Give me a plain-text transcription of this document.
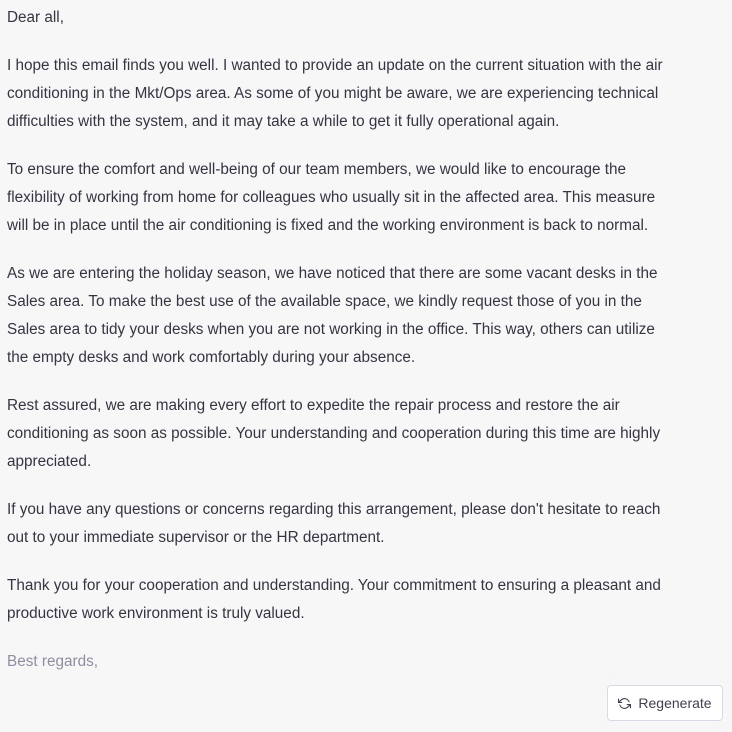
Dear all,

I hope this email finds you well. I wanted to provide an update on the current situation with the air conditioning in the Mkt/Ops area. As some of you might be aware, we are experiencing technical difficulties with the system, and it may take a while to get it fully operational again.

To ensure the comfort and well-being of our team members, we would like to encourage the flexibility of working from home for colleagues who usually sit in the affected area. This measure will be in place until the air conditioning is fixed and the working environment is back to normal.

As we are entering the holiday season, we have noticed that there are some vacant desks in the Sales area. To make the best use of the available space, we kindly request those of you in the Sales area to tidy your desks when you are not working in the office. This way, others can utilize the empty desks and work comfortably during your absence.

Rest assured, we are making every effort to expedite the repair process and restore the air conditioning as soon as possible. Your understanding and cooperation during this time are highly appreciated.

If you have any questions or concerns regarding this arrangement, please don't hesitate to reach out to your immediate supervisor or the HR department.

Thank you for your cooperation and understanding. Your commitment to ensuring a pleasant and productive work environment is truly valued.

Best regards,

Regenerate
